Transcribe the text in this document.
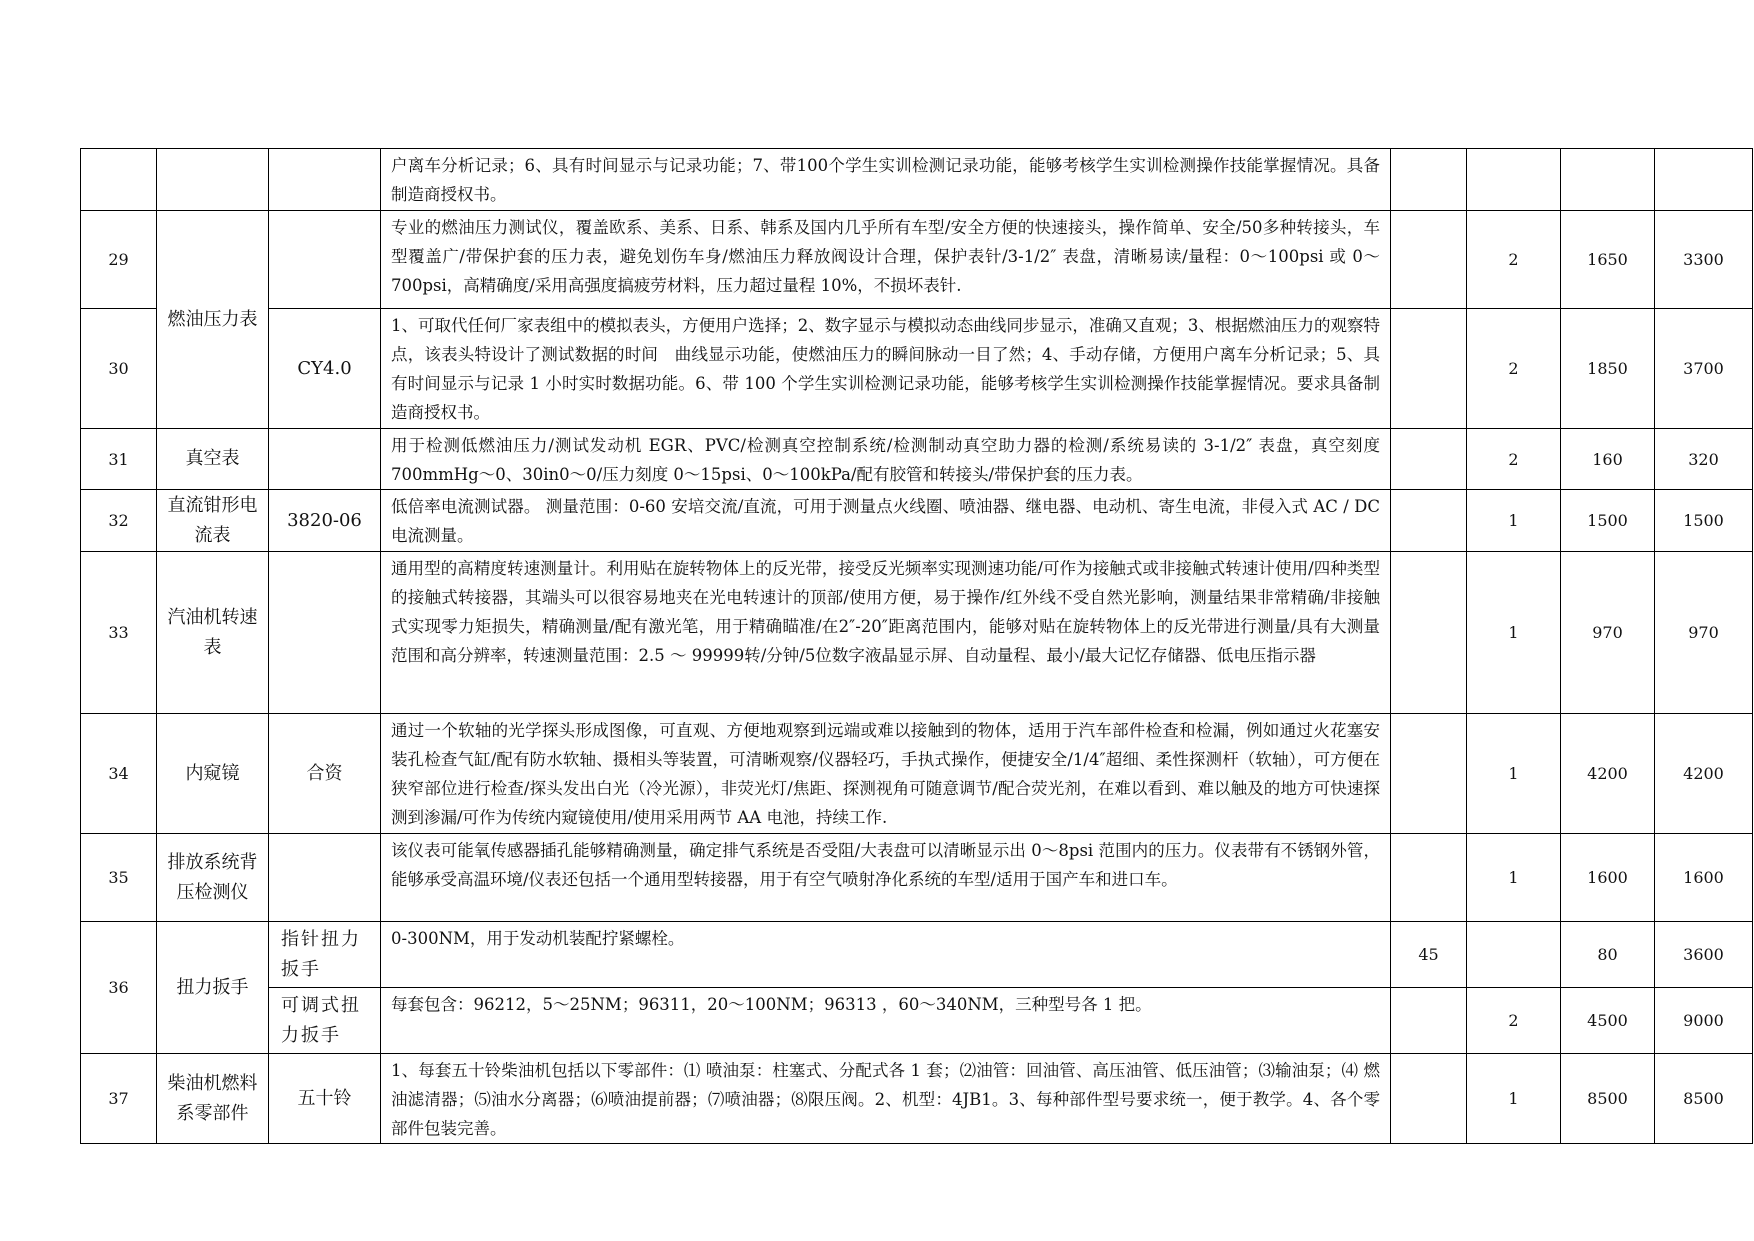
			户离车分析记录；6、具有时间显示与记录功能；7、带100个学生实训检测记录功能，能够考核学生实训检测操作技能掌握情况。具备制造商授权书。				
29	燃油压力表		专业的燃油压力测试仪，覆盖欧系、美系、日系、韩系及国内几乎所有车型/安全方便的快速接头，操作简单、安全/50多种转接头，车型覆盖广/带保护套的压力表，避免划伤车身/燃油压力释放阀设计合理，保护表针/3-1/2″ 表盘，清晰易读/量程：0～100psi 或 0～700psi，高精确度/采用高强度搞疲劳材料，压力超过量程 10%，不损坏表针.		2	1650	3300
30		CY4.0	1、可取代任何厂家表组中的模拟表头，方便用户选择；2、数字显示与模拟动态曲线同步显示，准确又直观；3、根据燃油压力的观察特点，该表头特设计了测试数据的时间　曲线显示功能，使燃油压力的瞬间脉动一目了然；4、手动存储，方便用户离车分析记录；5、具有时间显示与记录 1 小时实时数据功能。6、带 100 个学生实训检测记录功能，能够考核学生实训检测操作技能掌握情况。要求具备制造商授权书。		2	1850	3700
31	真空表		用于检测低燃油压力/测试发动机 EGR、PVC/检测真空控制系统/检测制动真空助力器的检测/系统易读的 3-1/2″ 表盘，真空刻度 700mmHg～0、30in0～0/压力刻度 0～15psi、0～100kPa/配有胶管和转接头/带保护套的压力表。		2	160	320
32	直流钳形电流表	3820-06	低倍率电流测试器。 测量范围：0-60 安培交流/直流，可用于测量点火线圈、喷油器、继电器、电动机、寄生电流，非侵入式 AC / DC 电流测量。		1	1500	1500
33	汽油机转速表		通用型的高精度转速测量计。利用贴在旋转物体上的反光带，接受反光频率实现测速功能/可作为接触式或非接触式转速计使用/四种类型的接触式转接器，其端头可以很容易地夹在光电转速计的顶部/使用方便，易于操作/红外线不受自然光影响，测量结果非常精确/非接触式实现零力矩损失，精确测量/配有激光笔，用于精确瞄准/在2″-20″距离范围内，能够对贴在旋转物体上的反光带进行测量/具有大测量范围和高分辨率，转速测量范围：2.5 ～ 99999转/分钟/5位数字液晶显示屏、自动量程、最小/最大记忆存储器、低电压指示器		1	970	970
34	内窥镜	合资	通过一个软轴的光学探头形成图像，可直观、方便地观察到远端或难以接触到的物体，适用于汽车部件检查和检漏，例如通过火花塞安装孔检查气缸/配有防水软轴、摄相头等装置，可清晰观察/仪器轻巧，手执式操作，便捷安全/1/4″超细、柔性探测杆（软轴），可方便在狭窄部位进行检查/探头发出白光（冷光源），非荧光灯/焦距、探测视角可随意调节/配合荧光剂，在难以看到、难以触及的地方可快速探测到渗漏/可作为传统内窥镜使用/使用采用两节 AA 电池，持续工作.		1	4200	4200
35	排放系统背压检测仪		该仪表可能氧传感器插孔能够精确测量，确定排气系统是否受阻/大表盘可以清晰显示出 0～8psi 范围内的压力。仪表带有不锈钢外管，能够承受高温环境/仪表还包括一个通用型转接器，用于有空气喷射净化系统的车型/适用于国产车和进口车。		1	1600	1600
36	扭力扳手	指针扭力扳手	0-300NM，用于发动机装配拧紧螺栓。	45		80	3600
		可调式扭力扳手	每套包含：96212，5～25NM；96311，20～100NM；96313 ，60～340NM，三种型号各 1 把。		2	4500	9000
37	柴油机燃料系零部件	五十铃	1、每套五十铃柴油机包括以下零部件：⑴ 喷油泵：柱塞式、分配式各 1 套；⑵油管：回油管、高压油管、低压油管；⑶输油泵；⑷ 燃油滤清器；⑸油水分离器；⑹喷油提前器；⑺喷油器；⑻限压阀。2、机型：4JB1。3、每种部件型号要求统一，便于教学。4、各个零部件包装完善。		1	8500	8500
